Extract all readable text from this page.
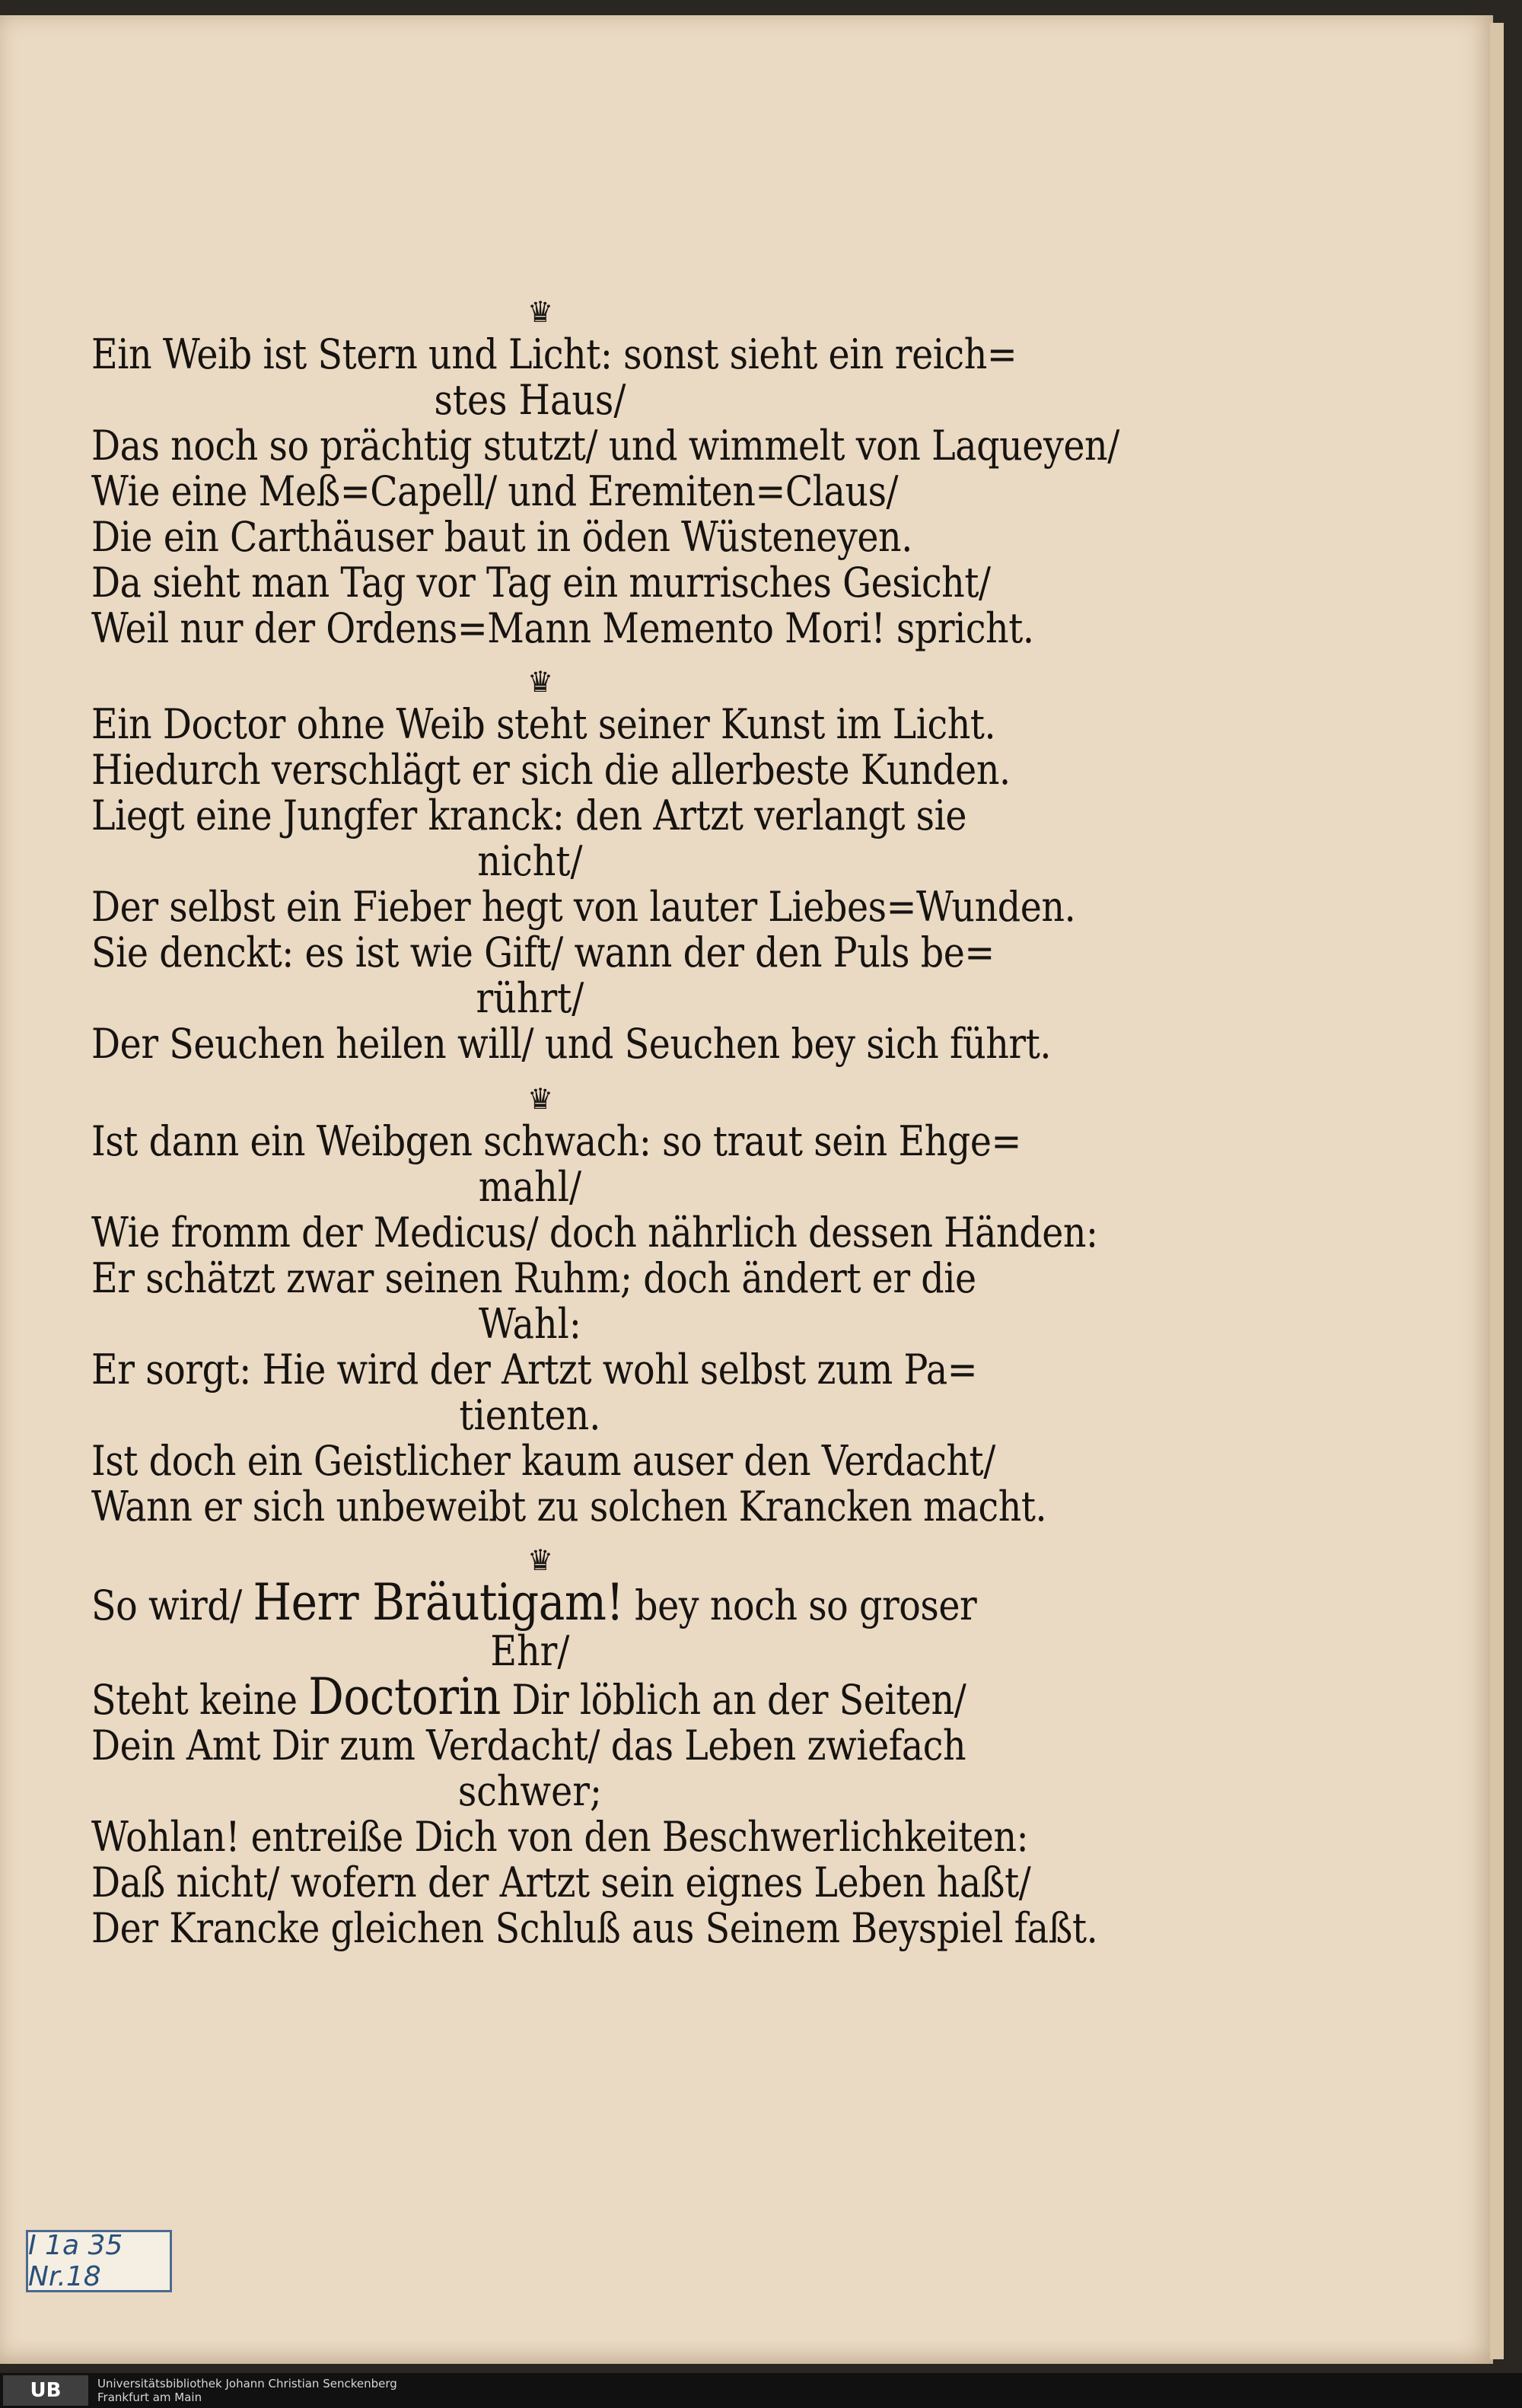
♛
Ein Weib ist Stern und Licht: sonst sieht ein reich=
stes Haus/
Das noch so prächtig stutzt/ und wimmelt von Laqueyen/
Wie eine Meß=Capell/ und Eremiten=Claus/
Die ein Carthäuser baut in öden Wüsteneyen.
Da sieht man Tag vor Tag ein murrisches Gesicht/
Weil nur der Ordens=Mann Memento Mori! spricht.
♛
Ein Doctor ohne Weib steht seiner Kunst im Licht.
Hiedurch verschlägt er sich die allerbeste Kunden.
Liegt eine Jungfer kranck: den Artzt verlangt sie
nicht/
Der selbst ein Fieber hegt von lauter Liebes=Wunden.
Sie denckt: es ist wie Gift/ wann der den Puls be=
rührt/
Der Seuchen heilen will/ und Seuchen bey sich führt.
♛
Ist dann ein Weibgen schwach: so traut sein Ehge=
mahl/
Wie fromm der Medicus/ doch nährlich dessen Händen:
Er schätzt zwar seinen Ruhm; doch ändert er die
Wahl:
Er sorgt: Hie wird der Artzt wohl selbst zum Pa=
tienten.
Ist doch ein Geistlicher kaum auser den Verdacht/
Wann er sich unbeweibt zu solchen Krancken macht.
♛
So wird/ Herr Bräutigam! bey noch so groser
Ehr/
Steht keine Doctorin Dir löblich an der Seiten/
Dein Amt Dir zum Verdacht/ das Leben zwiefach
schwer;
Wohlan! entreiße Dich von den Beschwerlichkeiten:
Daß nicht/ wofern der Artzt sein eignes Leben haßt/
Der Krancke gleichen Schluß aus Seinem Beyspiel faßt.
I 1a 35 Nr.18
UB	Universitätsbibliothek Johann Christian Senckenberg
Frankfurt am Main
